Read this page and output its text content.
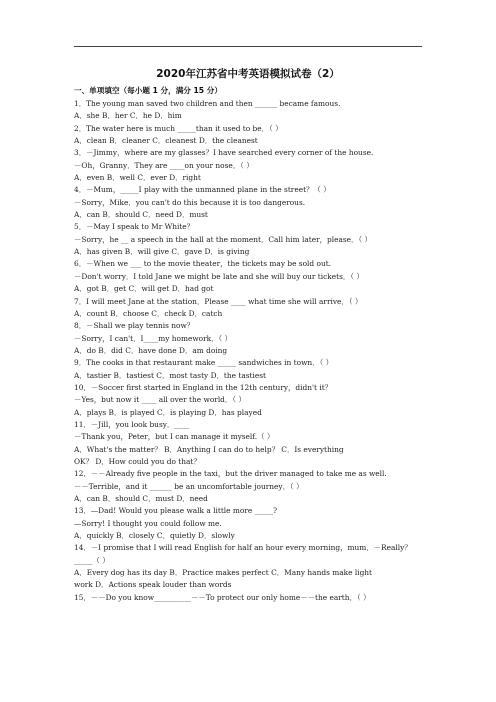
2020年江苏省中考英语模拟试卷（2）
一、单项填空（每小题 1 分，满分 15 分）
1．The young man saved two children and then ______ became famous.
A．she B．her C．he D．him
2．The water here is much _____than it used to be．（ ）
A．clean B．cleaner C．cleanest D．the cleanest
3．－Jimmy，where are my glasses？I have searched every corner of the house.
－Oh，Granny．They are ____on your nose．（ ）
A．even B．well C．ever D．right
4．－Mum，_____I play with the unmanned plane in the street？（ ）
－Sorry，Mike．you can't do this because it is too dangerous.
A．can B．should C．need D．must
5．－May I speak to Mr White？
－Sorry，he __ a speech in the hall at the moment．Call him later，please．（ ）
A．has given B．will give C．gave D．is giving
6．－When we ___ to the movie theater，the tickets may be sold out.
－Don't worry．I told Jane we might be late and she will buy our tickets．（ ）
A．got B．get C．will get D．had got
7．I will meet Jane at the station．Please ____ what time she will arrive．（ ）
A．count B．choose C．check D．catch
8．－Shall we play tennis now？
－Sorry，I can't．I____my homework．（ ）
A．do B．did C．have done D．am doing
9．The cooks in that restaurant make _____ sandwiches in town．（ ）
A．tastier B．tastiest C．most tasty D．the tastiest
10．－Soccer first started in England in the 12th century，didn't it？
－Yes，but now it ____ all over the world．（ ）
A．plays B．is played C．is playing D．has played
11．－Jill，you look busy．____
－Thank you，Peter，but I can manage it myself.（ ）
A．What's the matter？ B．Anything I can do to help？ C．Is everything
OK？ D．How could you do that？
12．－－Already five people in the taxi，but the driver managed to take me as well.
－－Terrible，and it ______ be an uncomfortable journey．（ ）
A．can B．should C．must D．need
13．—Dad! Would you please walk a little more _____?
—Sorry! I thought you could follow me.
A．quickly B．closely C．quietly D．slowly
14．－I promise that I will read English for half an hour every morning，mum．－Really？
_____（ ）
A．Every dog has its day B．Practice makes perfect C．Many hands make light
work D．Actions speak louder than words
15．－－Do you know__________－－To protect our only home－－the earth．（ ）
